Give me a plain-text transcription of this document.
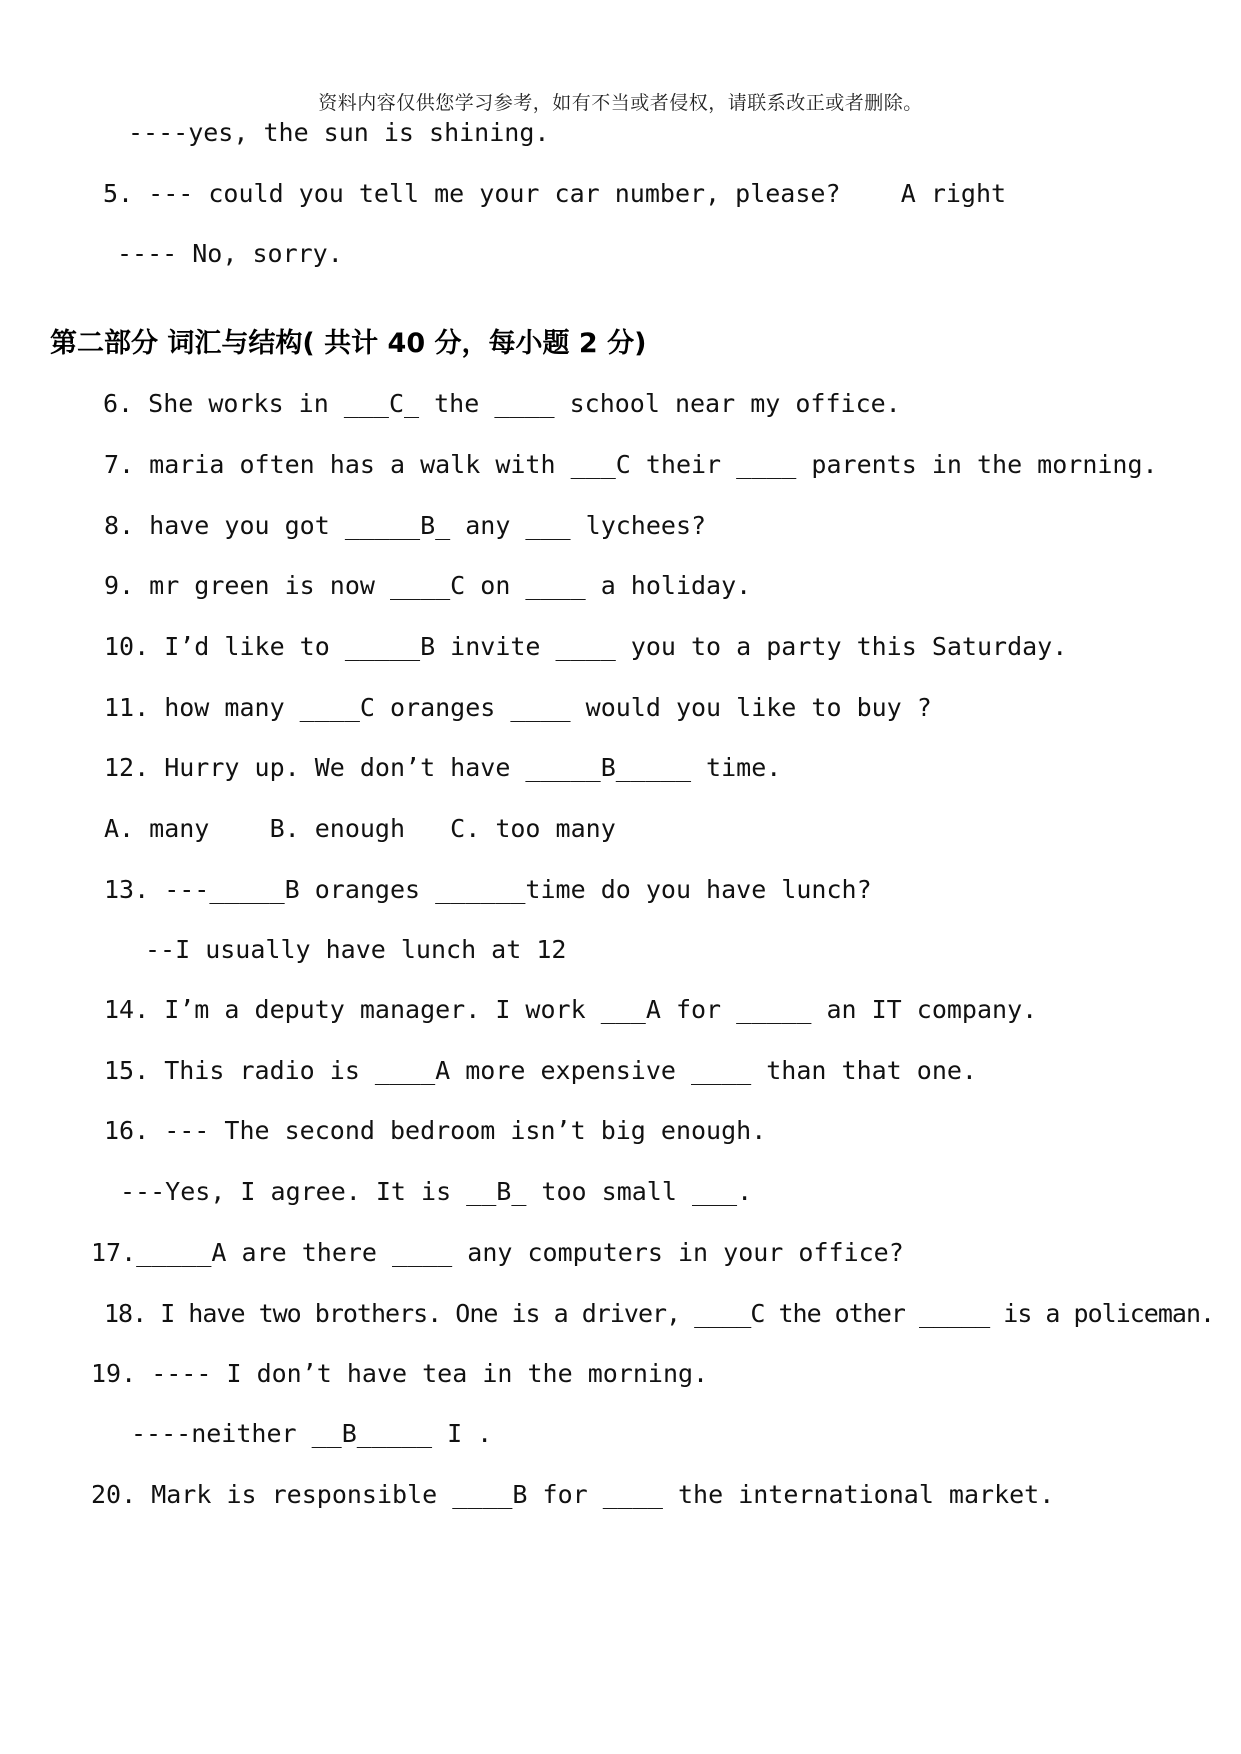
资料内容仅供您学习参考，如有不当或者侵权，请联系改正或者删除。
----yes, the sun is shining.
5. --- could you tell me your car number, please?    A right
---- No, sorry.
第二部分 词汇与结构( 共计 40 分，每小题 2 分)
6. She works in ___C_ the ____ school near my office.
7. maria often has a walk with ___C their ____ parents in the morning.
8. have you got _____B_ any ___ lychees?
9. mr green is now ____C on ____ a holiday.
10. I’d like to _____B invite ____ you to a party this Saturday.
11. how many ____C oranges ____ would you like to buy ?
12. Hurry up. We don’t have _____B_____ time.
A. many    B. enough   C. too many
13. ---_____B oranges ______time do you have lunch?
--I usually have lunch at 12
14. I’m a deputy manager. I work ___A for _____ an IT company.
15. This radio is ____A more expensive ____ than that one.
16. --- The second bedroom isn’t big enough.
---Yes, I agree. It is __B_ too small ___.
17._____A are there ____ any computers in your office?
18. I have two brothers. One is a driver, ____C the other _____ is a policeman.
19. ---- I don’t have tea in the morning.
----neither __B_____ I .
20. Mark is responsible ____B for ____ the international market.
